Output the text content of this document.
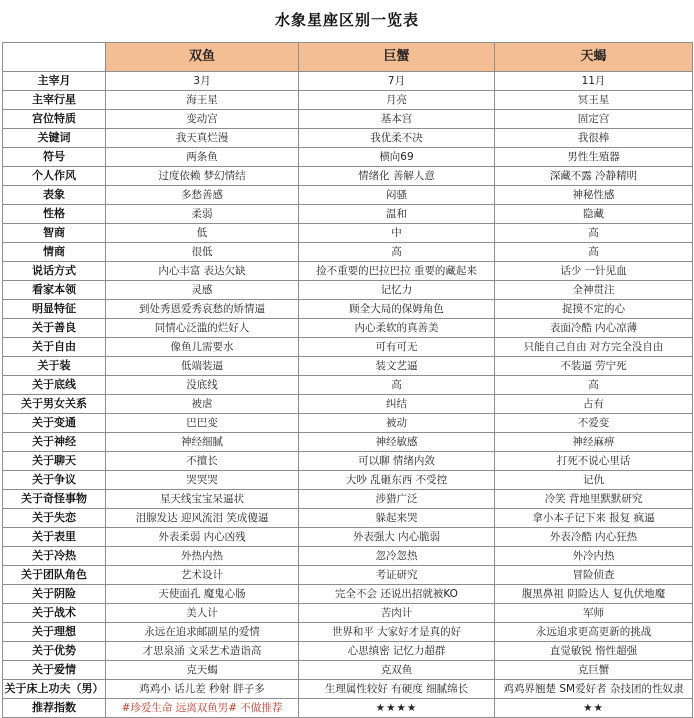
水象星座区别一览表
	双鱼	巨蟹	天蝎
主宰月	3月	7月	11月
主宰行星	海王星	月亮	冥王星
宫位特质	变动宫	基本宫	固定宫
关键词	我天真烂漫	我优柔不决	我很棒
符号	两条鱼	横向69	男性生殖器
个人作风	过度依赖 梦幻情结	情绪化 善解人意	深藏不露 冷静精明
表象	多愁善感	闷骚	神秘性感
性格	柔弱	温和	隐藏
智商	低	中	高
情商	很低	高	高
说话方式	内心丰富 表达欠缺	捡不重要的巴拉巴拉 重要的藏起来	话少 一针见血
看家本领	灵感	记忆力	全神贯注
明显特征	到处秀恩爱秀哀愁的矫情逼	顾全大局的保姆角色	捉摸不定的心
关于善良	同情心泛滥的烂好人	内心柔软的真善美	表面冷酷 内心凉薄
关于自由	像鱼儿需要水	可有可无	只能自己自由 对方完全没自由
关于装	低端装逼	装文艺逼	不装逼 劳宁死
关于底线	没底线	高	高
关于男女关系	被虐	纠结	占有
关于变通	巴巴变	被动	不爱变
关于神经	神经细腻	神经敏感	神经麻痹
关于聊天	不擅长	可以聊 情绪内敛	打死不说心里话
关于争议	哭哭哭	大吵 乱砸东西 不受控	记仇
关于奇怪事物	星天线宝宝呆逼状	涉猎广泛	冷笑 背地里默默研究
关于失恋	泪腺发达 迎风流泪 笑成傻逼	躲起来哭	拿小本子记下来 报复 疯逼
关于表里	外表柔弱 内心凶残	外表强大 内心脆弱	外表冷酷 内心狂热
关于冷热	外热内热	忽冷忽热	外冷内热
关于团队角色	艺术设计	考证研究	冒险侦查
关于阴险	天使面孔 魔鬼心肠	完全不会 还说出招就被KO	腹黑鼻祖 阴险达人 复仇伏地魔
关于战术	美人计	苦肉计	军师
关于理想	永远在追求邮副星的爱情	世界和平 大家好才是真的好	永远追求更高更新的挑战
关于优势	才思泉涌 文采艺术造诣高	心思缜密 记忆力超群	直觉敏锐 惰性超强
关于爱情	克天蝎	克双鱼	克巨蟹
关于床上功夫（男）	鸡鸡小 话儿差 秒射 胖子多	生理属性较好 有硬度 细腻绵长	鸡鸡界翘楚 SM爱好者 杂技团的性奴隶
推荐指数	#珍爱生命 远离双鱼男# 不做推荐	★★★★	★★
